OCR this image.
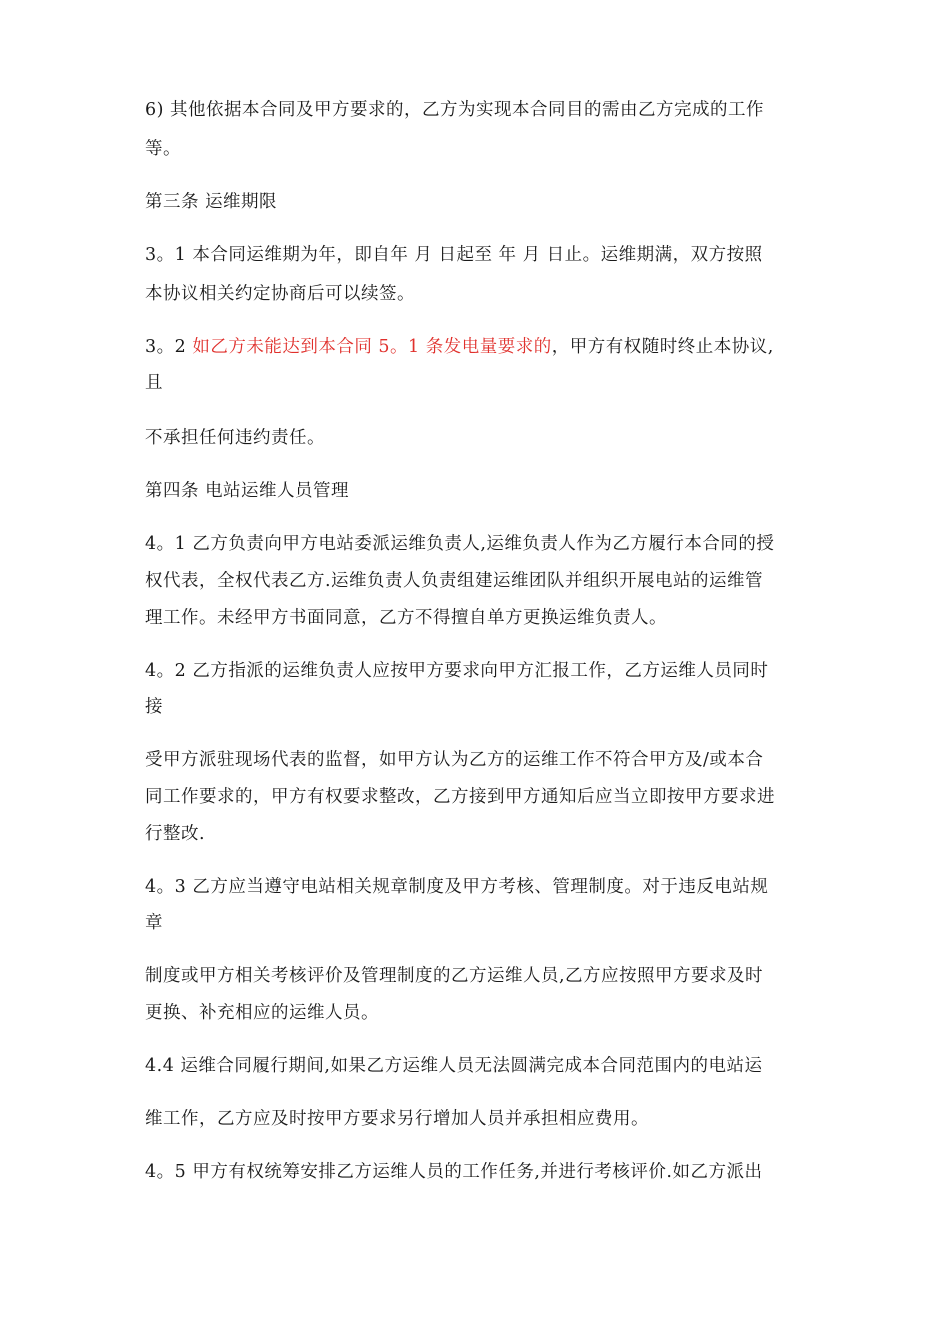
6) 其他依据本合同及甲方要求的，乙方为实现本合同目的需由乙方完成的工作
等。
第三条 运维期限
3。1 本合同运维期为年，即自年 月 日起至 年 月 日止。运维期满，双方按照
本协议相关约定协商后可以续签。
3。2 如乙方未能达到本合同 5。1 条发电量要求的，甲方有权随时终止本协议,
且
不承担任何违约责任。
第四条 电站运维人员管理
4。1 乙方负责向甲方电站委派运维负责人,运维负责人作为乙方履行本合同的授
权代表，全权代表乙方.运维负责人负责组建运维团队并组织开展电站的运维管
理工作。未经甲方书面同意，乙方不得擅自单方更换运维负责人。
4。2 乙方指派的运维负责人应按甲方要求向甲方汇报工作，乙方运维人员同时
接
受甲方派驻现场代表的监督，如甲方认为乙方的运维工作不符合甲方及/或本合
同工作要求的，甲方有权要求整改，乙方接到甲方通知后应当立即按甲方要求进
行整改.
4。3 乙方应当遵守电站相关规章制度及甲方考核、管理制度。对于违反电站规
章
制度或甲方相关考核评价及管理制度的乙方运维人员,乙方应按照甲方要求及时
更换、补充相应的运维人员。
4.4 运维合同履行期间,如果乙方运维人员无法圆满完成本合同范围内的电站运
维工作，乙方应及时按甲方要求另行增加人员并承担相应费用。
4。5 甲方有权统筹安排乙方运维人员的工作任务,并进行考核评价.如乙方派出
